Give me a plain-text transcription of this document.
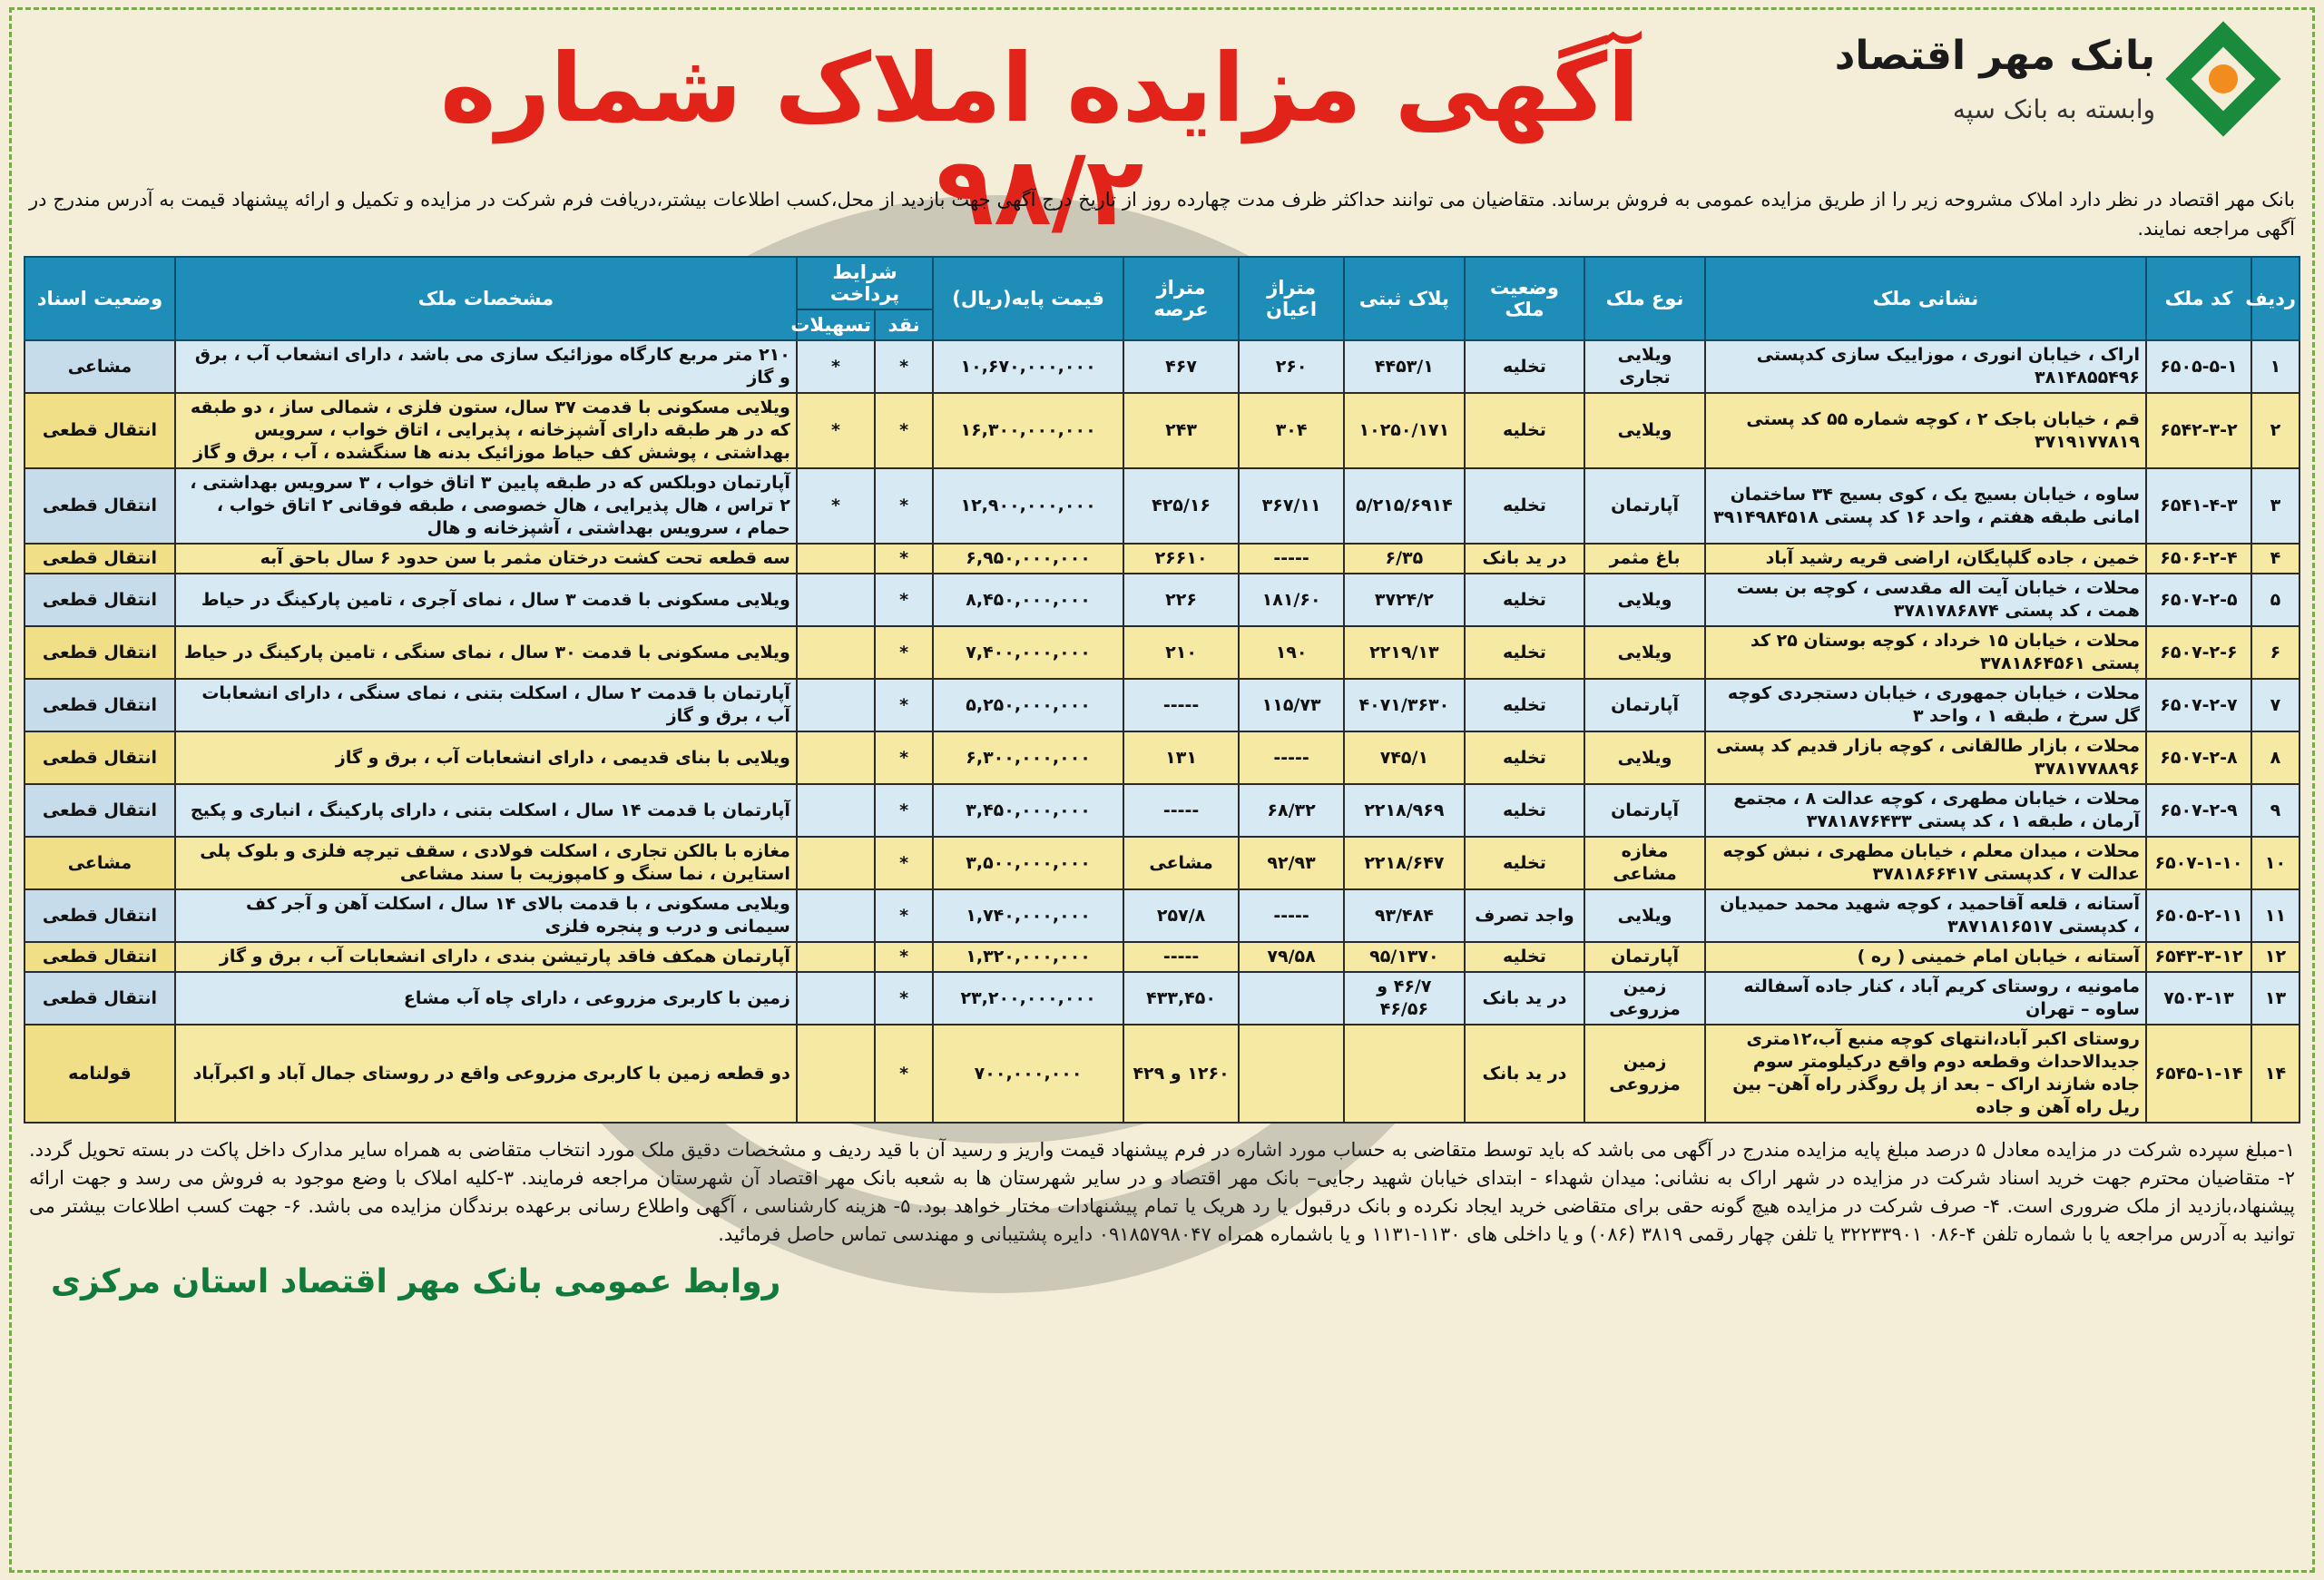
بانک مهر اقتصاد
وابسته به بانک سپه
آگهی مزایده املاک شماره ۹۸/۲
بانک مهر اقتصاد در نظر دارد املاک مشروحه زیر را از طریق مزایده عمومی به فروش برساند. متقاضیان می توانند حداکثر ظرف مدت چهارده روز از تاریخ درج آگهی جهت بازدید از محل،کسب اطلاعات بیشتر،دریافت فرم شرکت در مزایده و تکمیل و ارائه پیشنهاد قیمت به آدرس مندرج در آگهی مراجعه نمایند.
ردیف	کد ملک	نشانی ملک	نوع ملک	وضعیت ملک	پلاک ثبتی	متراژ اعیان	متراژ عرصه	قیمت پایه(ریال)	شرایط پرداخت		مشخصات ملک	وضعیت اسناد
									نقد	تسهیلات		
۱	۶۵۰۵-۵-۱	اراک ، خیابان انوری ، موزاییک سازی کدپستی ۳۸۱۴۸۵۵۴۹۶	ویلایی تجاری	تخلیه	۴۴۵۳/۱	۲۶۰	۴۶۷	۱۰,۶۷۰,۰۰۰,۰۰۰	*	*	۲۱۰ متر مربع کارگاه موزائیک سازی می باشد ، دارای انشعاب آب ، برق و گاز	مشاعی
۲	۶۵۴۲-۳-۲	قم ، خیابان باجک ۲ ، کوچه شماره ۵۵ کد پستی ۳۷۱۹۱۷۷۸۱۹	ویلایی	تخلیه	۱۰۲۵۰/۱۷۱	۳۰۴	۲۴۳	۱۶,۳۰۰,۰۰۰,۰۰۰	*	*	ویلایی مسکونی با قدمت ۳۷ سال، ستون فلزی ، شمالی ساز ، دو طبقه که در هر طبقه دارای آشپزخانه ، پذیرایی ، اتاق خواب ، سرویس بهداشتی ، پوشش کف حیاط موزائیک بدنه ها سنگشده ، آب ، برق و گاز	انتقال قطعی
۳	۶۵۴۱-۴-۳	ساوه ، خیابان بسیج یک ، کوی بسیج ۳۴ ساختمان امانی طبقه هفتم ، واحد ۱۶ کد پستی ۳۹۱۴۹۸۴۵۱۸	آپارتمان	تخلیه	۵/۲۱۵/۶۹۱۴	۳۶۷/۱۱	۴۲۵/۱۶	۱۲,۹۰۰,۰۰۰,۰۰۰	*	*	آپارتمان دوبلکس که در طبقه پایین ۳ اتاق خواب ، ۳ سرویس بهداشتی ، ۲ تراس ، هال پذیرایی ، هال خصوصی ، طبقه فوقانی ۲ اتاق خواب ، حمام ، سرویس بهداشتی ، آشپزخانه و هال	انتقال قطعی
۴	۶۵۰۶-۲-۴	خمین ، جاده گلپایگان، اراضی قریه رشید آباد	باغ مثمر	در ید بانک	۶/۳۵	-----	۲۶۶۱۰	۶,۹۵۰,۰۰۰,۰۰۰	*		سه قطعه تحت کشت درختان مثمر با سن حدود ۶ سال باحق آبه	انتقال قطعی
۵	۶۵۰۷-۲-۵	محلات ، خیابان آیت اله مقدسی ، کوچه بن بست همت ، کد پستی ۳۷۸۱۷۸۶۸۷۴	ویلایی	تخلیه	۳۷۲۴/۲	۱۸۱/۶۰	۲۲۶	۸,۴۵۰,۰۰۰,۰۰۰	*		ویلایی مسکونی با قدمت ۳ سال ، نمای آجری ، تامین پارکینگ در حیاط	انتقال قطعی
۶	۶۵۰۷-۲-۶	محلات ، خیابان ۱۵ خرداد ، کوچه بوستان ۲۵ کد پستی ۳۷۸۱۸۶۴۵۶۱	ویلایی	تخلیه	۲۲۱۹/۱۳	۱۹۰	۲۱۰	۷,۴۰۰,۰۰۰,۰۰۰	*		ویلایی مسکونی با قدمت ۳۰ سال ، نمای سنگی ، تامین پارکینگ در حیاط	انتقال قطعی
۷	۶۵۰۷-۲-۷	محلات ، خیابان جمهوری ، خیابان دستجردی کوچه گل سرخ ، طبقه ۱ ، واحد ۳	آپارتمان	تخلیه	۴۰۷۱/۳۶۳۰	۱۱۵/۷۳	-----	۵,۲۵۰,۰۰۰,۰۰۰	*		آپارتمان با قدمت ۲ سال ، اسکلت بتنی ، نمای سنگی ، دارای انشعابات آب ، برق و گاز	انتقال قطعی
۸	۶۵۰۷-۲-۸	محلات ، بازار طالقانی ، کوچه بازار قدیم کد پستی ۳۷۸۱۷۷۸۸۹۶	ویلایی	تخلیه	۷۴۵/۱	-----	۱۳۱	۶,۳۰۰,۰۰۰,۰۰۰	*		ویلایی با بنای قدیمی ، دارای انشعابات آب ، برق و گاز	انتقال قطعی
۹	۶۵۰۷-۲-۹	محلات ، خیابان مطهری ، کوچه عدالت ۸ ، مجتمع آرمان ، طبقه ۱ ، کد پستی ۳۷۸۱۸۷۶۴۳۳	آپارتمان	تخلیه	۲۲۱۸/۹۶۹	۶۸/۳۲	-----	۳,۴۵۰,۰۰۰,۰۰۰	*		آپارتمان با قدمت ۱۴ سال ، اسکلت بتنی ، دارای پارکینگ ، انباری و پکیج	انتقال قطعی
۱۰	۶۵۰۷-۱-۱۰	محلات ، میدان معلم ، خیابان مطهری ، نبش کوچه عدالت ۷ ، کدپستی ۳۷۸۱۸۶۶۴۱۷	مغازه مشاعی	تخلیه	۲۲۱۸/۶۴۷	۹۲/۹۳	مشاعی	۳,۵۰۰,۰۰۰,۰۰۰	*		مغازه با بالکن تجاری ، اسکلت فولادی ، سقف تیرچه فلزی و بلوک پلی استایرن ، نما سنگ و کامپوزیت با سند مشاعی	مشاعی
۱۱	۶۵۰۵-۲-۱۱	آستانه ، قلعه آقاحمید ، کوچه شهید محمد حمیدیان ، کدپستی ۳۸۷۱۸۱۶۵۱۷	ویلایی	واجد تصرف	۹۳/۴۸۴	-----	۲۵۷/۸	۱,۷۴۰,۰۰۰,۰۰۰	*		ویلایی مسکونی ، با قدمت بالای ۱۴ سال ، اسکلت آهن و آجر کف سیمانی و درب و پنجره فلزی	انتقال قطعی
۱۲	۶۵۴۳-۳-۱۲	آستانه ، خیابان امام خمینی ( ره )	آپارتمان	تخلیه	۹۵/۱۳۷۰	۷۹/۵۸	-----	۱,۳۲۰,۰۰۰,۰۰۰	*		آپارتمان همکف فاقد پارتیشن بندی ، دارای انشعابات آب ، برق و گاز	انتقال قطعی
۱۳	۷۵۰۳-۱۳	مامونیه ، روستای کریم آباد ، کنار جاده آسفالته ساوه – تهران	زمین مزروعی	در ید بانک	۴۶/۷ و ۴۶/۵۶		۴۳۳,۴۵۰	۲۳,۲۰۰,۰۰۰,۰۰۰	*		زمین با کاربری مزروعی ، دارای چاه آب مشاع	انتقال قطعی
۱۴	۶۵۴۵-۱-۱۴	روستای اکبر آباد،انتهای کوچه منبع آب،۱۲متری جدیدالاحداث وقطعه دوم واقع درکیلومتر سوم جاده شازند اراک – بعد از پل روگذر راه آهن– بین ریل راه آهن و جاده	زمین مزروعی	در ید بانک			۱۲۶۰ و ۴۲۹	۷۰۰,۰۰۰,۰۰۰	*		دو قطعه زمین با کاربری مزروعی واقع در روستای جمال آباد و اکبرآباد	قولنامه
۱-مبلغ سپرده شرکت در مزایده معادل ۵ درصد مبلغ پایه مزایده مندرج در آگهی می باشد که باید توسط متقاضی به حساب مورد اشاره در فرم پیشنهاد قیمت واریز و رسید آن با قید ردیف و مشخصات دقیق ملک مورد انتخاب متقاضی به همراه سایر مدارک داخل پاکت در بسته تحویل گردد. ۲- متقاضیان محترم جهت خرید اسناد شرکت در مزایده در شهر اراک به نشانی: میدان شهداء - ابتدای خیابان شهید رجایی– بانک مهر اقتصاد و در سایر شهرستان ها به شعبه بانک مهر اقتصاد آن شهرستان مراجعه فرمایند. ۳-کلیه املاک با وضع موجود به فروش می رسد و جهت ارائه پیشنهاد،بازدید از ملک ضروری است. ۴- صرف شرکت در مزایده هیچ گونه حقی برای متقاضی خرید ایجاد نکرده و بانک درقبول یا رد هریک یا تمام پیشنهادات مختار خواهد بود. ۵- هزینه کارشناسی ، آگهی واطلاع رسانی برعهده برندگان مزایده می باشد. ۶- جهت کسب اطلاعات بیشتر می توانید به آدرس مراجعه یا با شماره تلفن ۴-۰۸۶ ۳۲۲۳۳۹۰۱ یا تلفن چهار رقمی ۳۸۱۹ (۰۸۶) و یا داخلی های ۱۱۳۰-۱۱۳۱ و یا باشماره همراه ۰۹۱۸۵۷۹۸۰۴۷ دایره پشتیبانی و مهندسی تماس حاصل فرمائید.
روابط عمومی بانک مهر اقتصاد استان مرکزی
